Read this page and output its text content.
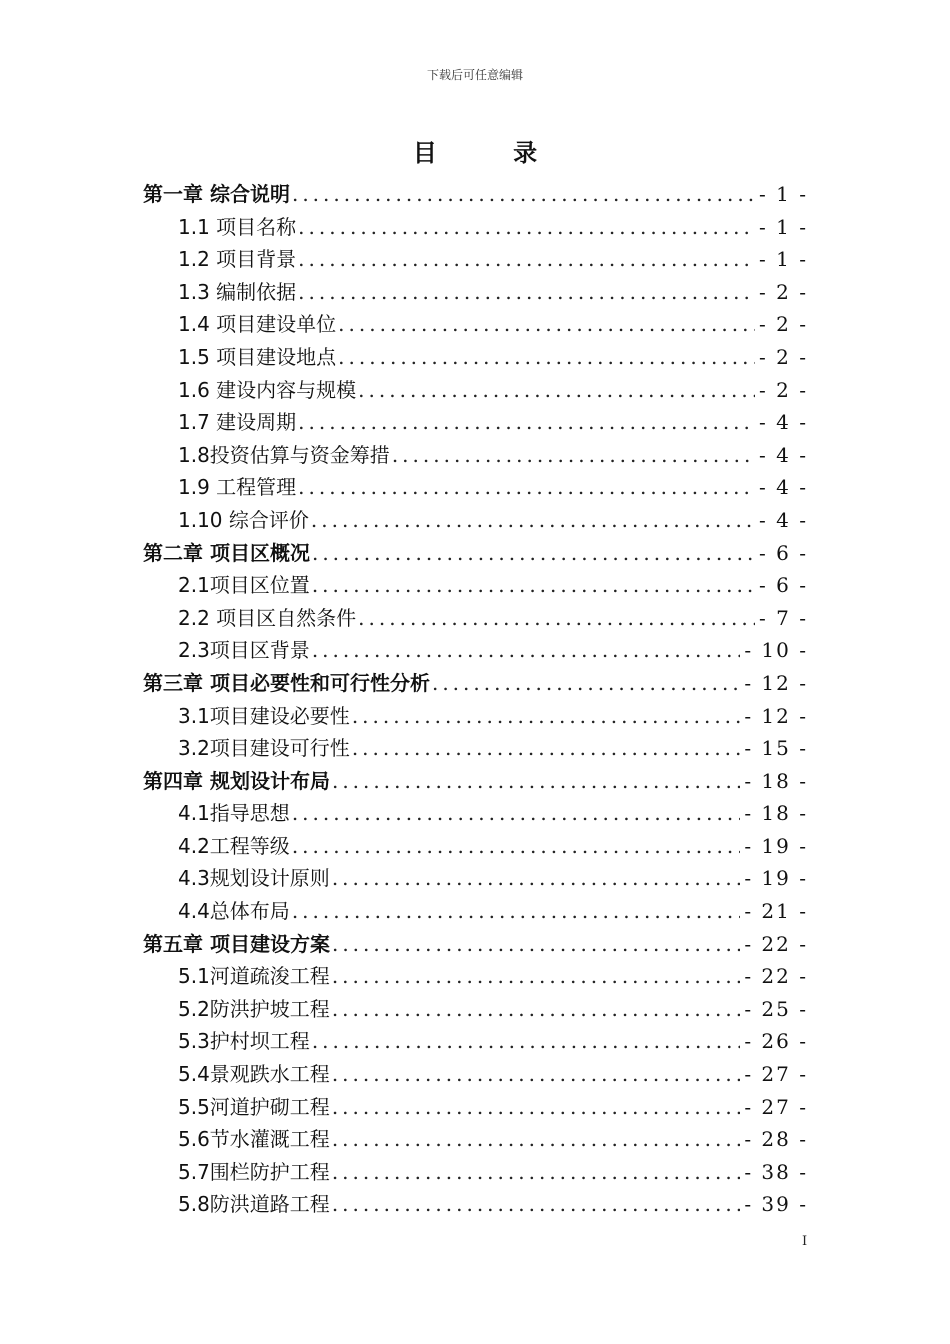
下载后可任意编辑
目 录
第一章 综合说明 .....	- 1 -
1.1 项目名称 .....	- 1 -
1.2 项目背景 .....	- 1 -
1.3 编制依据 .....	- 2 -
1.4 项目建设单位 .....	- 2 -
1.5 项目建设地点 .....	- 2 -
1.6 建设内容与规模 .....	- 2 -
1.7 建设周期 .....	- 4 -
1.8投资估算与资金筹措 .....	- 4 -
1.9 工程管理 .....	- 4 -
1.10 综合评价 .....	- 4 -
第二章 项目区概况 .....	- 6 -
2.1项目区位置 .....	- 6 -
2.2 项目区自然条件 .....	- 7 -
2.3项目区背景 .....	- 10 -
第三章 项目必要性和可行性分析 .....	- 12 -
3.1项目建设必要性 .....	- 12 -
3.2项目建设可行性 .....	- 15 -
第四章 规划设计布局 .....	- 18 -
4.1指导思想 .....	- 18 -
4.2工程等级 .....	- 19 -
4.3规划设计原则 .....	- 19 -
4.4总体布局 .....	- 21 -
第五章 项目建设方案 .....	- 22 -
5.1河道疏浚工程 .....	- 22 -
5.2防洪护坡工程 .....	- 25 -
5.3护村坝工程 .....	- 26 -
5.4景观跌水工程 .....	- 27 -
5.5河道护砌工程 .....	- 27 -
5.6节水灌溉工程 .....	- 28 -
5.7围栏防护工程 .....	- 38 -
5.8防洪道路工程 .....	- 39 -
I
